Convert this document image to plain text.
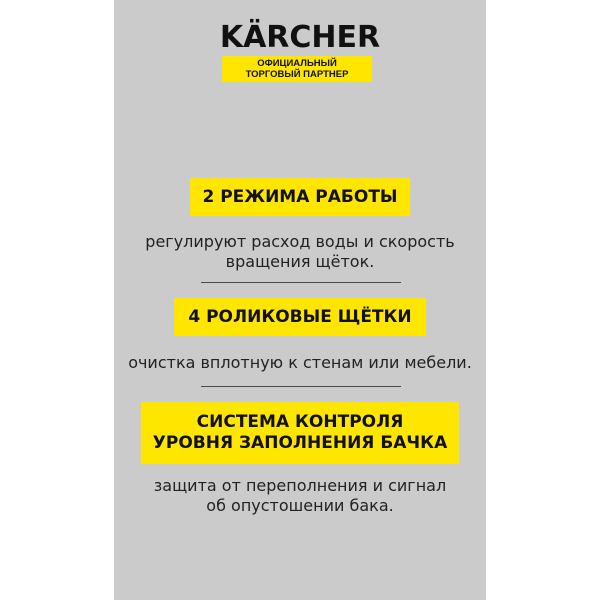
KÄRCHER
ОФИЦИАЛЬНЫЙ
ТОРГОВЫЙ ПАРТНЕР
2 РЕЖИМА РАБОТЫ
регулируют расход воды и скорость
вращения щёток.
4 РОЛИКОВЫЕ ЩЁТКИ
очистка вплотную к стенам или мебели.
СИСТЕМА КОНТРОЛЯ
УРОВНЯ ЗАПОЛНЕНИЯ БАЧКА
защита от переполнения и сигнал
об опустошении бака.
